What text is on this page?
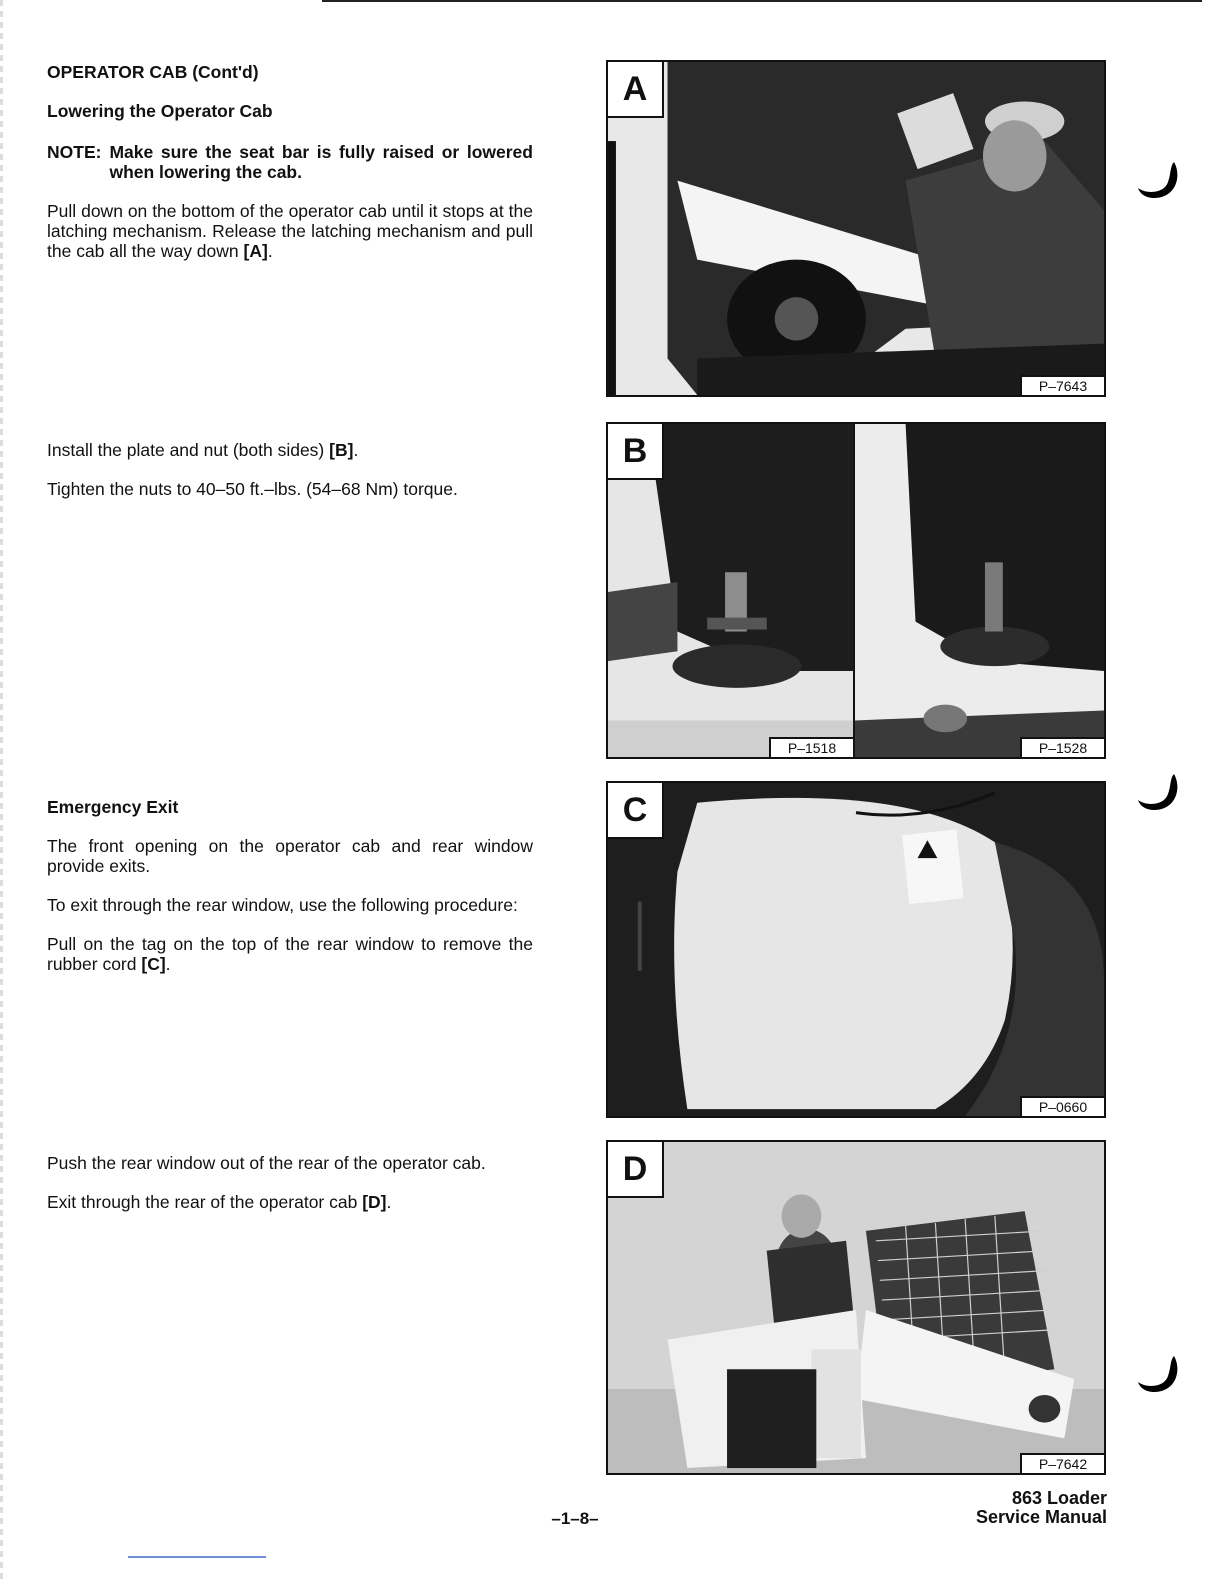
OPERATOR CAB (Cont'd)

Lowering the Operator Cab

NOTE: Make sure the seat bar is fully raised or lowered when lowering the cab.

Pull down on the bottom of the operator cab until it stops at the latching mechanism. Release the latching mechanism and pull the cab all the way down [A].

Install the plate and nut (both sides) [B].

Tighten the nuts to 40–50 ft.–lbs. (54–68 Nm) torque.

Emergency Exit

The front opening on the operator cab and rear window provide exits.

To exit through the rear window, use the following procedure:

Pull on the tag on the top of the rear window to remove the rubber cord [C].

Push the rear window out of the rear of the operator cab.

Exit through the rear of the operator cab [D].

A
P–7643
B
P–1518	P–1528
C
P–0660
D
P–7642
–1–8–
863 Loader
Service Manual
